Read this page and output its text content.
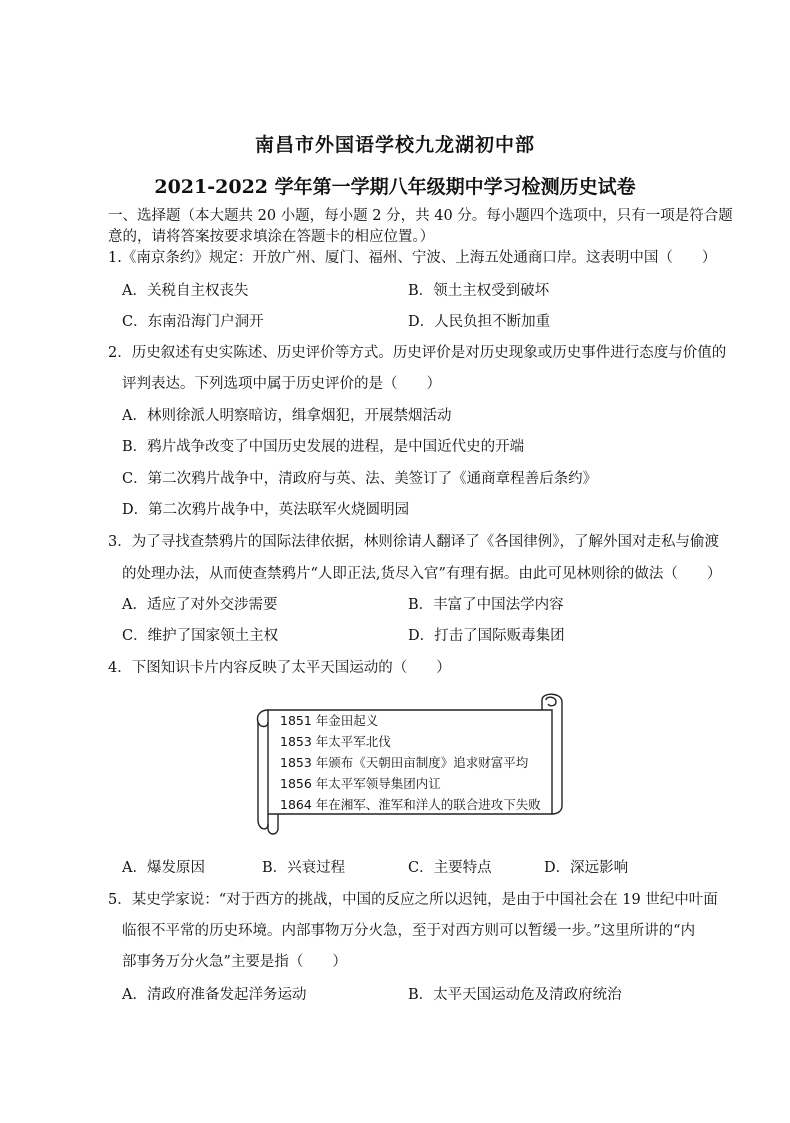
南昌市外国语学校九龙湖初中部
2021-2022 学年第一学期八年级期中学习检测历史试卷
一、选择题（本大题共 20 小题，每小题 2 分，共 40 分。每小题四个选项中，只有一项是符合题
意的，请将答案按要求填涂在答题卡的相应位置。）
1.《南京条约》规定：开放广州、厦门、福州、宁波、上海五处通商口岸。这表明中国（　　）
A．关税自主权丧失	B．领土主权受到破坏
C．东南沿海门户洞开	D．人民负担不断加重
2．历史叙述有史实陈述、历史评价等方式。历史评价是对历史现象或历史事件进行态度与价值的
评判表达。下列选项中属于历史评价的是（　　）
A．林则徐派人明察暗访，缉拿烟犯，开展禁烟活动
B．鸦片战争改变了中国历史发展的进程，是中国近代史的开端
C．第二次鸦片战争中，清政府与英、法、美签订了《通商章程善后条约》
D．第二次鸦片战争中，英法联军火烧圆明园
3．为了寻找查禁鸦片的国际法律依据，林则徐请人翻译了《各国律例》，了解外国对走私与偷渡
的处理办法，从而使查禁鸦片“人即正法,货尽入官”有理有据。由此可见林则徐的做法（　　）
A．适应了对外交涉需要	B．丰富了中国法学内容
C．维护了国家领土主权	D．打击了国际贩毒集团
4．下图知识卡片内容反映了太平天国运动的（　　）
1851 年金田起义
1853 年太平军北伐
1853 年颁布《天朝田亩制度》追求财富平均
1856 年太平军领导集团内讧
1864 年在湘军、淮军和洋人的联合进攻下失败
A．爆发原因	B．兴衰过程	C．主要特点	D．深远影响
5．某史学家说：“对于西方的挑战，中国的反应之所以迟钝，是由于中国社会在 19 世纪中叶面
临很不平常的历史环境。内部事物万分火急，至于对西方则可以暂缓一步。”这里所讲的“内
部事务万分火急”主要是指（　　）
A．清政府准备发起洋务运动	B．太平天国运动危及清政府统治
